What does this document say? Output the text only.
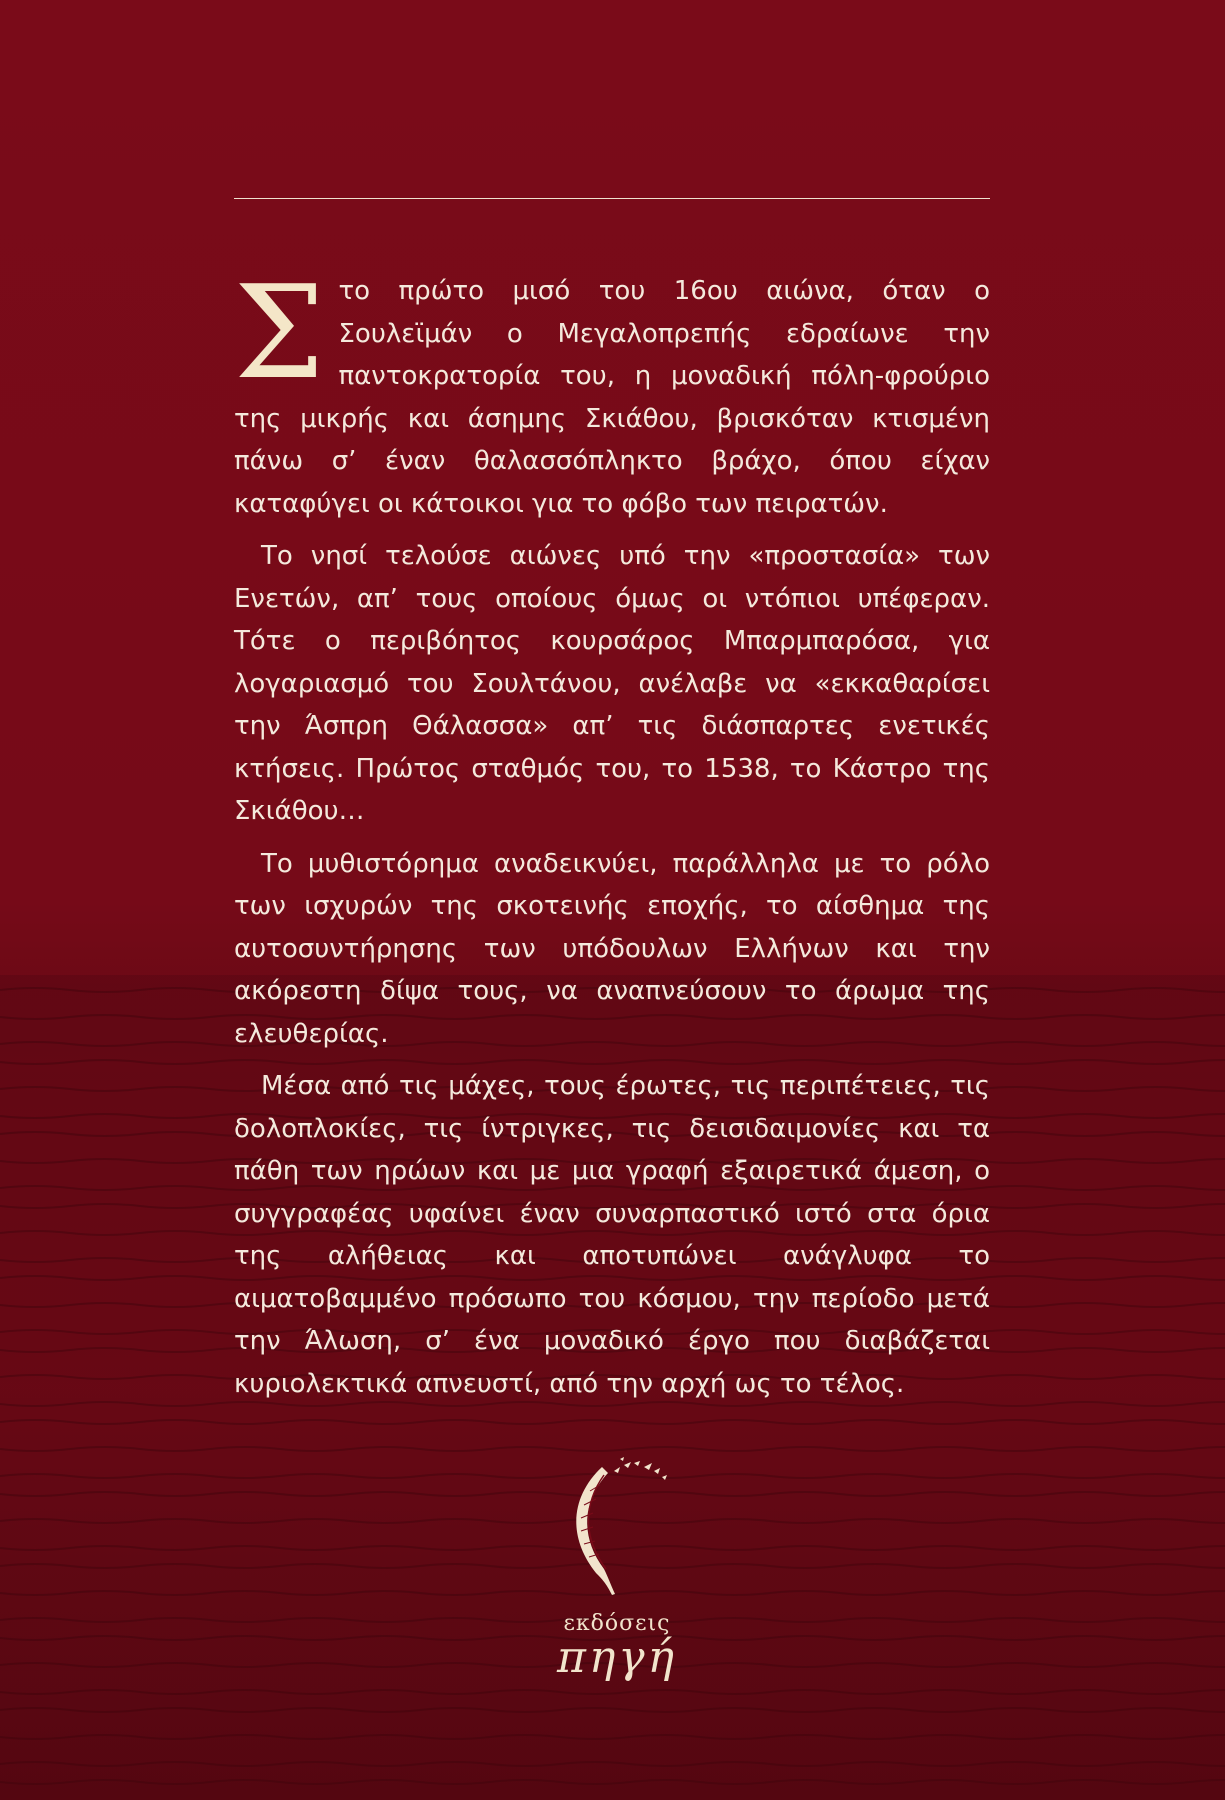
Στο πρώτο μισό του 16ου αιώνα, όταν ο Σουλεϊμάν ο Μεγαλοπρεπής εδραίωνε την παντοκρατορία του, η μοναδική πόλη-φρούριο της μικρής και άσημης Σκιάθου, βρισκόταν κτισμένη πάνω σ’ έναν θαλασσόπληκτο βράχο, όπου είχαν καταφύγει οι κάτοικοι για το φόβο των πειρατών.

Το νησί τελούσε αιώνες υπό την «προστασία» των Ενετών, απ’ τους οποίους όμως οι ντόπιοι υπέφεραν. Τότε ο περιβόητος κουρσάρος Μπαρμπαρόσα, για λογαριασμό του Σουλτάνου, ανέλαβε να «εκκαθαρίσει την Άσπρη Θάλασσα» απ’ τις διάσπαρτες ενετικές κτήσεις. Πρώτος σταθμός του, το 1538, το Κάστρο της Σκιάθου…

Το μυθιστόρημα αναδεικνύει, παράλληλα με το ρόλο των ισχυρών της σκοτεινής εποχής, το αίσθημα της αυτοσυντήρησης των υπόδουλων Ελλήνων και την ακόρεστη δίψα τους, να αναπνεύσουν το άρωμα της ελευθερίας.

Μέσα από τις μάχες, τους έρωτες, τις περιπέτειες, τις δολοπλοκίες, τις ίντριγκες, τις δεισιδαιμονίες και τα πάθη των ηρώων και με μια γραφή εξαιρετικά άμεση, ο συγγραφέας υφαίνει έναν συναρπαστικό ιστό στα όρια της αλήθειας και αποτυπώνει ανάγλυφα το αιματοβαμμένο πρόσωπο του κόσμου, την περίοδο μετά την Άλωση, σ’ ένα μοναδικό έργο που διαβάζεται κυριολεκτικά απνευστί, από την αρχή ως το τέλος.

εκδόσεις
πηγή
